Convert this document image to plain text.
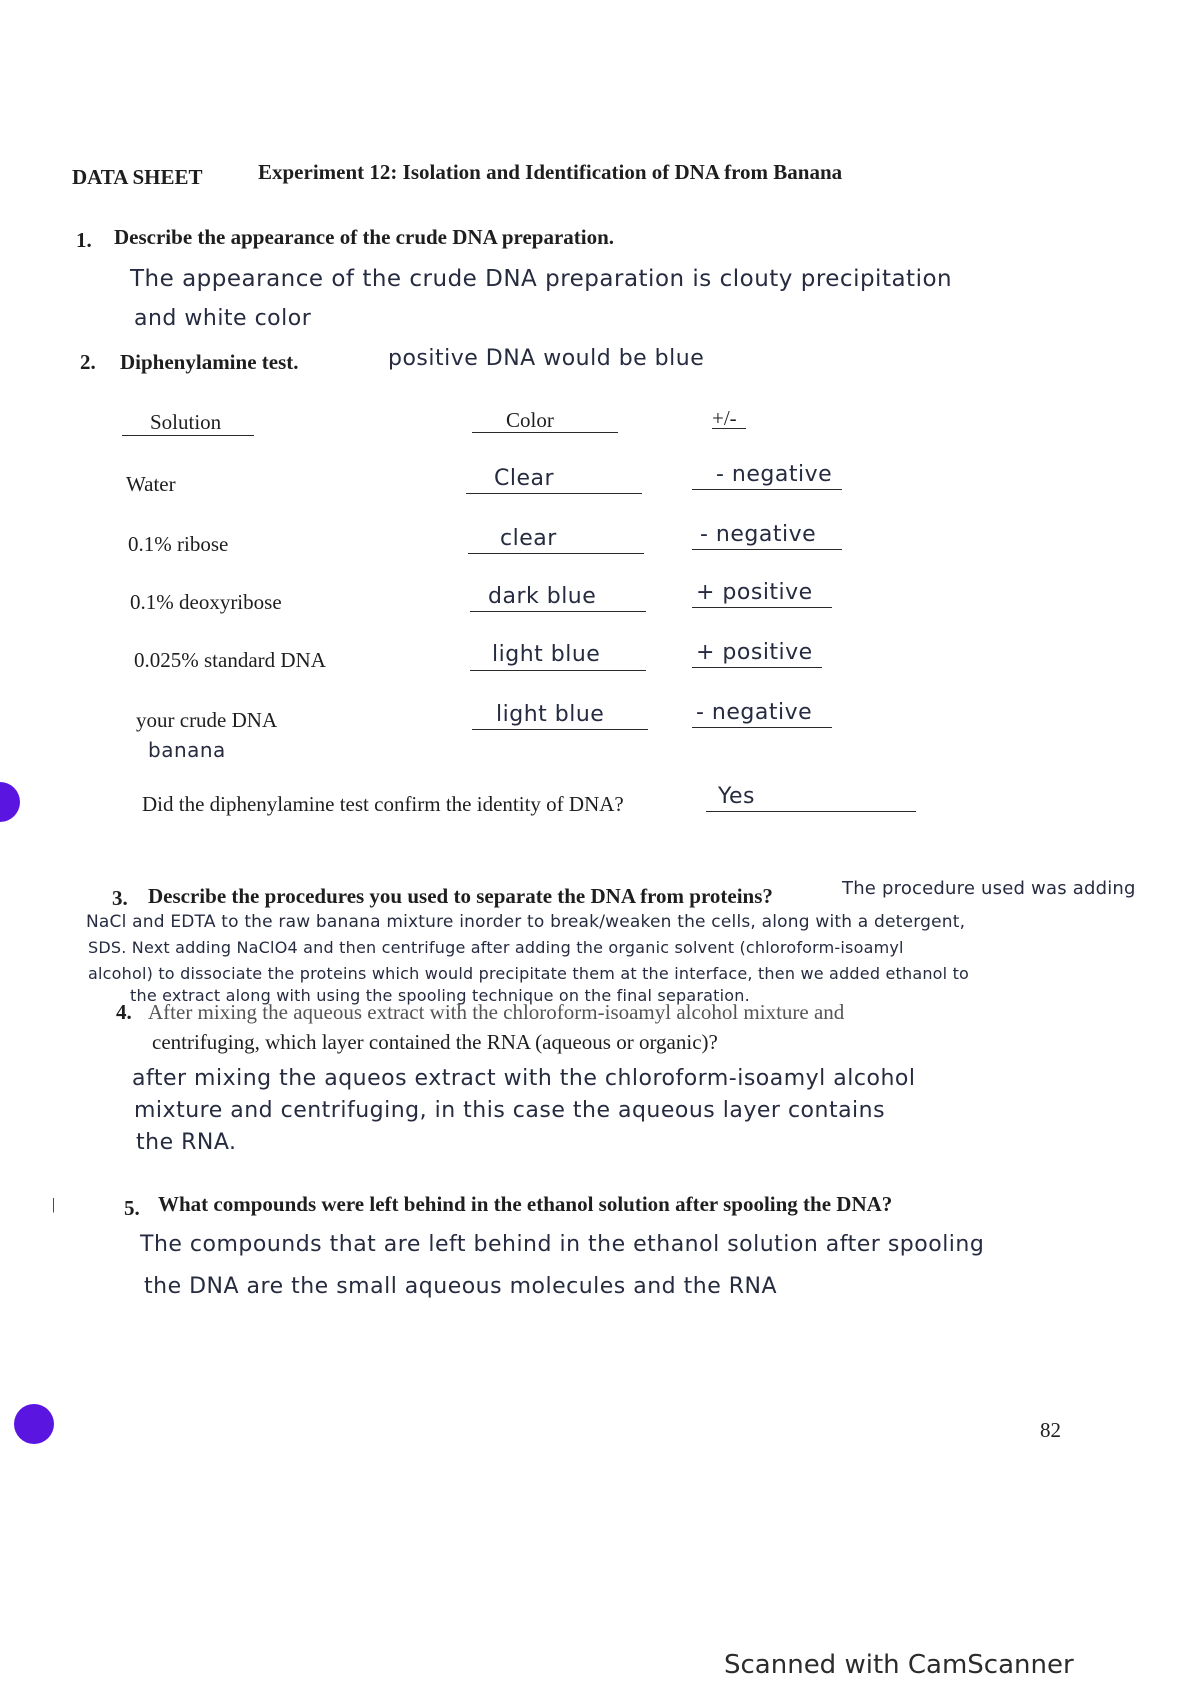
DATA SHEET	Experiment 12: Isolation and Identification of DNA from Banana
1. Describe the appearance of the crude DNA preparation.
The appearance of the crude DNA preparation is clouty precipitation
and white color
2. Diphenylamine test.	positive DNA would be blue
Solution	Color	+/-
Water	Clear	- negative
0.1% ribose	clear	- negative
0.1% deoxyribose	dark blue	+ positive
0.025% standard DNA	light blue	+ positive
your crude DNA	light blue	- negative
banana
Did the diphenylamine test confirm the identity of DNA?	Yes
3. Describe the procedures you used to separate the DNA from proteins?	The procedure used was adding
NaCl and EDTA to the raw banana mixture inorder to break/weaken the cells, along with a detergent,
SDS. Next adding NaClO4 and then centrifuge after adding the organic solvent (chloroform-isoamyl
alcohol) to dissociate the proteins which would precipitate them at the interface, then we added ethanol to
the extract along with using the spooling technique on the final separation.
4. After mixing the aqueous extract with the chloroform-isoamyl alcohol mixture and
centrifuging, which layer contained the RNA (aqueous or organic)?
after mixing the aqueos extract with the chloroform-isoamyl alcohol
mixture and centrifuging, in this case the aqueous layer contains
the RNA.
|	5. What compounds were left behind in the ethanol solution after spooling the DNA?
The compounds that are left behind in the ethanol solution after spooling
the DNA are the small aqueous molecules and the RNA
82
Scanned with CamScanner
